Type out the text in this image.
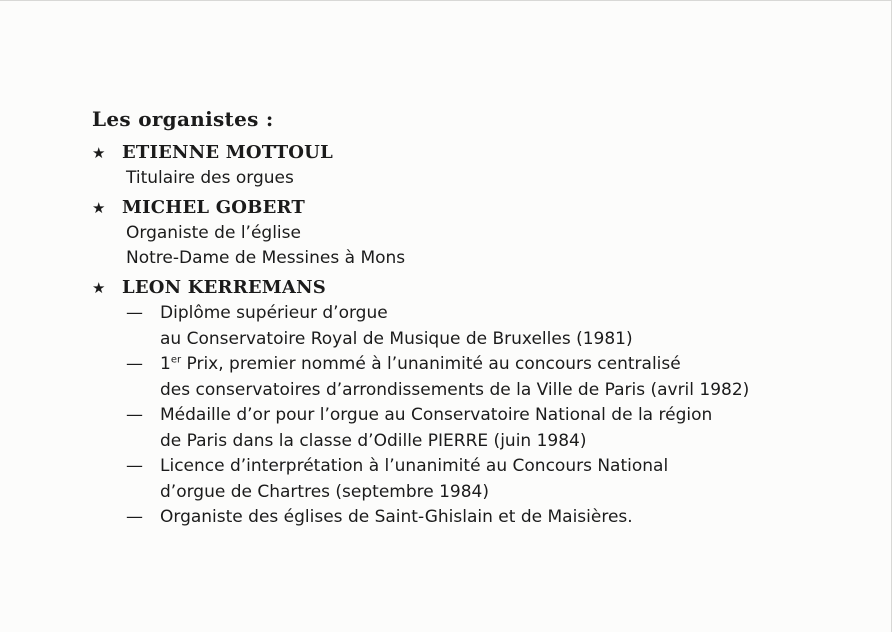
Les organistes :
★ ETIENNE MOTTOUL
Titulaire des orgues
★ MICHEL GOBERT
Organiste de l’église
Notre-Dame de Messines à Mons
★ LEON KERREMANS
—	Diplôme supérieur d’orgue
au Conservatoire Royal de Musique de Bruxelles (1981)
—	1er Prix, premier nommé à l’unanimité au concours centralisé
des conservatoires d’arrondissements de la Ville de Paris (avril 1982)
—	Médaille d’or pour l’orgue au Conservatoire National de la région
de Paris dans la classe d’Odille PIERRE (juin 1984)
—	Licence d’interprétation à l’unanimité au Concours National
d’orgue de Chartres (septembre 1984)
—	Organiste des églises de Saint-Ghislain et de Maisières.
